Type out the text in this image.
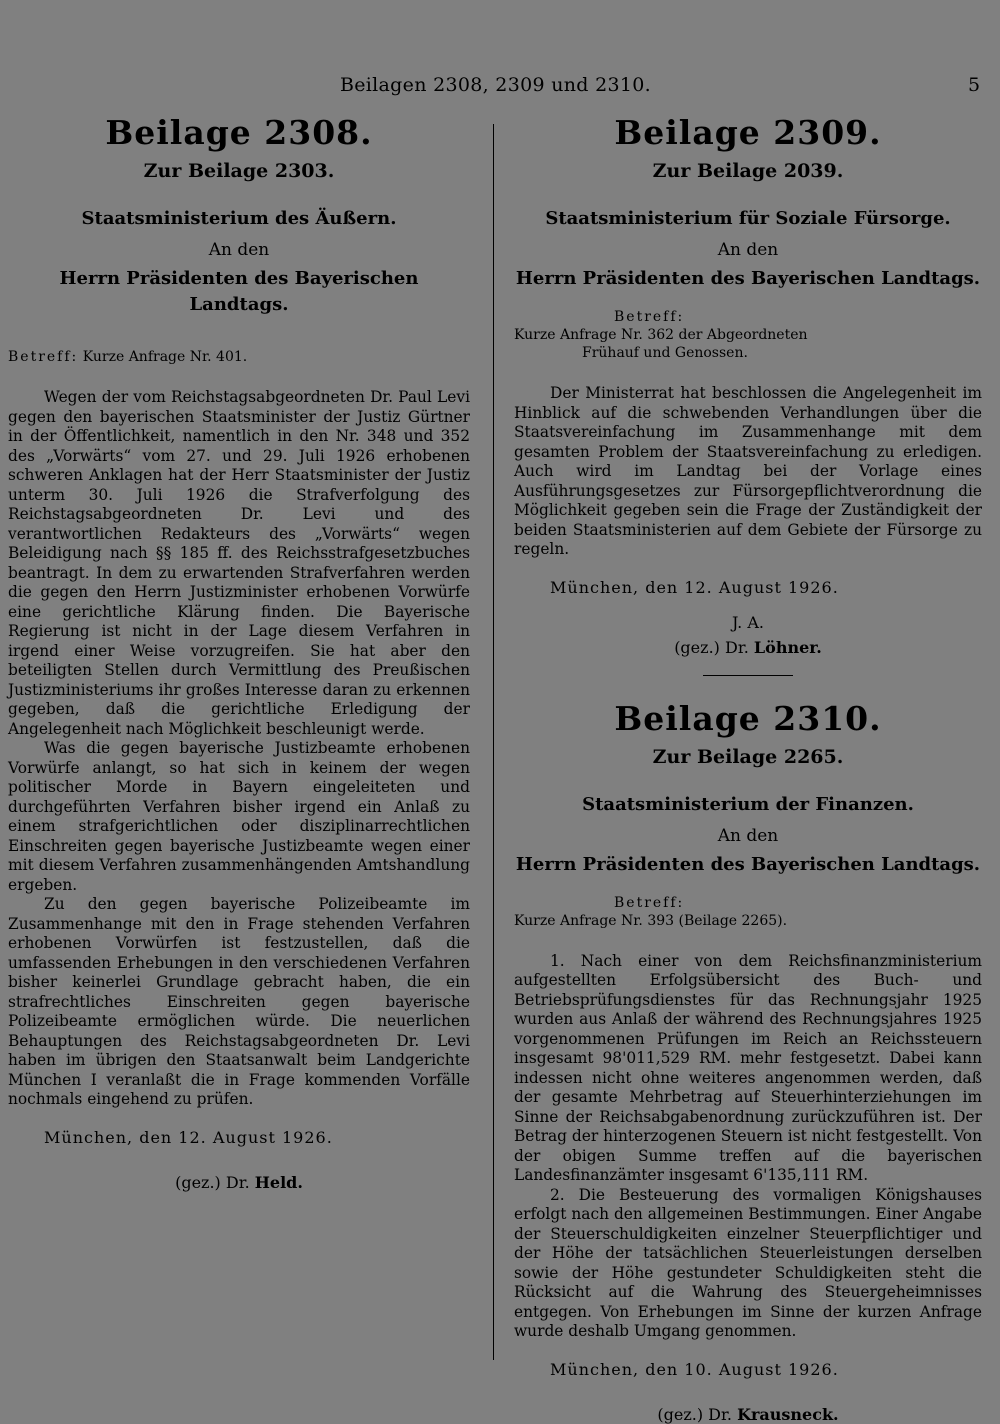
Beilagen 2308, 2309 und 2310.	5
Beilage 2308.
Zur Beilage 2303.
Staatsministerium des Äußern.
An den
Herrn Präsidenten des Bayerischen Landtags.
Betreff: Kurze Anfrage Nr. 401.

Wegen der vom Reichstagsabgeordneten Dr. Paul Levi gegen den bayerischen Staatsminister der Justiz Gürtner in der Öffentlichkeit, namentlich in den Nr. 348 und 352 des „Vorwärts“ vom 27. und 29. Juli 1926 erhobenen schweren Anklagen hat der Herr Staatsminister der Justiz unterm 30. Juli 1926 die Strafverfolgung des Reichstagsabgeordneten Dr. Levi und des verantwortlichen Redakteurs des „Vorwärts“ wegen Beleidigung nach §§ 185 ff. des Reichsstrafgesetzbuches beantragt. In dem zu erwartenden Strafverfahren werden die gegen den Herrn Justizminister erhobenen Vorwürfe eine gerichtliche Klärung finden. Die Bayerische Regierung ist nicht in der Lage diesem Verfahren in irgend einer Weise vorzugreifen. Sie hat aber den beteiligten Stellen durch Vermittlung des Preußischen Justizministeriums ihr großes Interesse daran zu erkennen gegeben, daß die gerichtliche Erledigung der Angelegenheit nach Möglichkeit beschleunigt werde.

Was die gegen bayerische Justizbeamte erhobenen Vorwürfe anlangt, so hat sich in keinem der wegen politischer Morde in Bayern eingeleiteten und durchgeführten Verfahren bisher irgend ein Anlaß zu einem strafgerichtlichen oder disziplinarrechtlichen Einschreiten gegen bayerische Justizbeamte wegen einer mit diesem Verfahren zusammenhängenden Amtshandlung ergeben.

Zu den gegen bayerische Polizeibeamte im Zusammenhange mit den in Frage stehenden Verfahren erhobenen Vorwürfen ist festzustellen, daß die umfassenden Erhebungen in den verschiedenen Verfahren bisher keinerlei Grundlage gebracht haben, die ein strafrechtliches Einschreiten gegen bayerische Polizeibeamte ermöglichen würde. Die neuerlichen Behauptungen des Reichstagsabgeordneten Dr. Levi haben im übrigen den Staatsanwalt beim Landgerichte München I veranlaßt die in Frage kommenden Vorfälle nochmals eingehend zu prüfen.

München, den 12. August 1926.
(gez.) Dr. Held.
Beilage 2309.
Zur Beilage 2039.
Staatsministerium für Soziale Fürsorge.
An den
Herrn Präsidenten des Bayerischen Landtags.
Betreff:
Kurze Anfrage Nr. 362 der Abgeordneten
Frühauf und Genossen.

Der Ministerrat hat beschlossen die Angelegenheit im Hinblick auf die schwebenden Verhandlungen über die Staatsvereinfachung im Zusammenhange mit dem gesamten Problem der Staatsvereinfachung zu erledigen. Auch wird im Landtag bei der Vorlage eines Ausführungsgesetzes zur Fürsorgepflichtverordnung die Möglichkeit gegeben sein die Frage der Zuständigkeit der beiden Staatsministerien auf dem Gebiete der Fürsorge zu regeln.

München, den 12. August 1926.
J. A.
(gez.) Dr. Löhner.
Beilage 2310.
Zur Beilage 2265.
Staatsministerium der Finanzen.
An den
Herrn Präsidenten des Bayerischen Landtags.
Betreff:
Kurze Anfrage Nr. 393 (Beilage 2265).

1. Nach einer von dem Reichsfinanzministerium aufgestellten Erfolgsübersicht des Buch- und Betriebsprüfungsdienstes für das Rechnungsjahr 1925 wurden aus Anlaß der während des Rechnungsjahres 1925 vorgenommenen Prüfungen im Reich an Reichssteuern insgesamt 98'011,529 RM. mehr festgesetzt. Dabei kann indessen nicht ohne weiteres angenommen werden, daß der gesamte Mehrbetrag auf Steuerhinterziehungen im Sinne der Reichsabgabenordnung zurückzuführen ist. Der Betrag der hinterzogenen Steuern ist nicht festgestellt. Von der obigen Summe treffen auf die bayerischen Landesfinanzämter insgesamt 6'135,111 RM.

2. Die Besteuerung des vormaligen Königshauses erfolgt nach den allgemeinen Bestimmungen. Einer Angabe der Steuerschuldigkeiten einzelner Steuerpflichtiger und der Höhe der tatsächlichen Steuerleistungen derselben sowie der Höhe gestundeter Schuldigkeiten steht die Rücksicht auf die Wahrung des Steuergeheimnisses entgegen. Von Erhebungen im Sinne der kurzen Anfrage wurde deshalb Umgang genommen.

München, den 10. August 1926.
(gez.) Dr. Krausneck.
